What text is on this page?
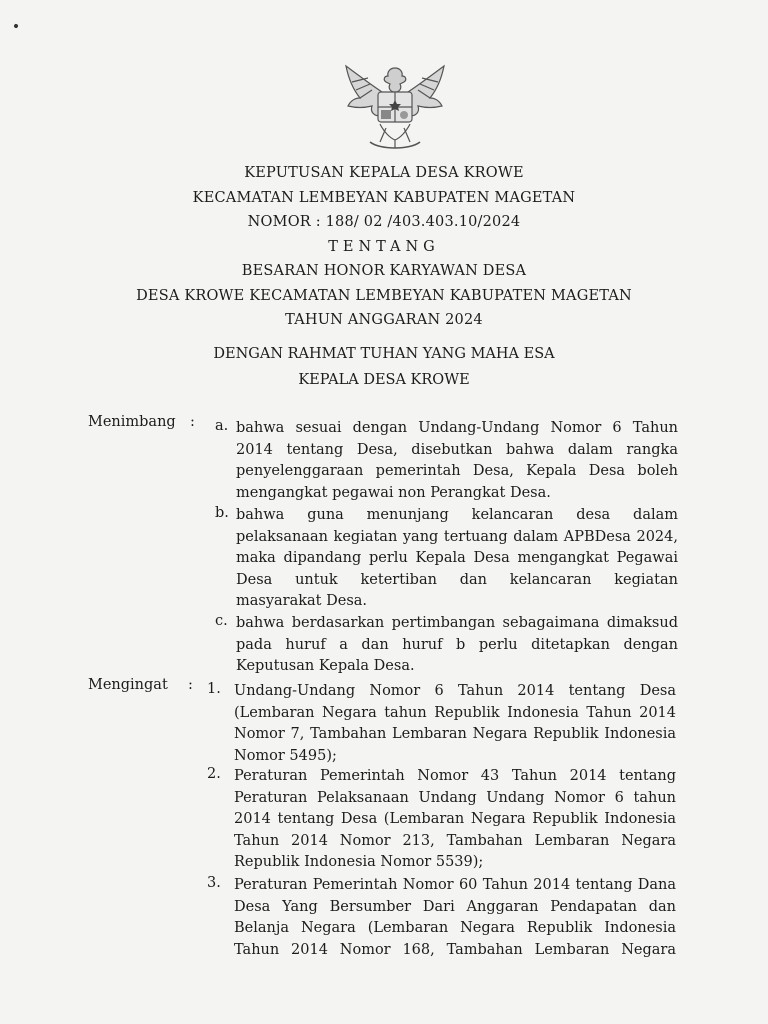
KEPUTUSAN KEPALA DESA KROWE
KECAMATAN LEMBEYAN KABUPATEN MAGETAN
NOMOR : 188/ 02 /403.403.10/2024
TENTANG
BESARAN HONOR KARYAWAN DESA
DESA KROWE KECAMATAN LEMBEYAN KABUPATEN MAGETAN
TAHUN ANGGARAN 2024
DENGAN RAHMAT TUHAN YANG MAHA ESA
KEPALA DESA KROWE
Menimbang : a. bahwa sesuai dengan Undang-Undang Nomor 6 Tahun
2014 tentang Desa, disebutkan bahwa dalam rangka
penyelenggaraan pemerintah Desa, Kepala Desa boleh
mengangkat pegawai non Perangkat Desa.
b. bahwa guna menunjang kelancaran desa dalam
pelaksanaan kegiatan yang tertuang dalam APBDesa 2024,
maka dipandang perlu Kepala Desa mengangkat Pegawai
Desa untuk ketertiban dan kelancaran kegiatan
masyarakat Desa.
c. bahwa berdasarkan pertimbangan sebagaimana dimaksud
pada huruf a dan huruf b perlu ditetapkan dengan
Keputusan Kepala Desa.
Mengingat : 1. Undang-Undang Nomor 6 Tahun 2014 tentang Desa
(Lembaran Negara tahun Republik Indonesia Tahun 2014
Nomor 7, Tambahan Lembaran Negara Republik Indonesia
Nomor 5495);
2. Peraturan Pemerintah Nomor 43 Tahun 2014 tentang
Peraturan Pelaksanaan Undang Undang Nomor 6 tahun
2014 tentang Desa (Lembaran Negara Republik Indonesia
Tahun 2014 Nomor 213, Tambahan Lembaran Negara
Republik Indonesia Nomor 5539);
3. Peraturan Pemerintah Nomor 60 Tahun 2014 tentang Dana
Desa Yang Bersumber Dari Anggaran Pendapatan dan
Belanja Negara (Lembaran Negara Republik Indonesia
Tahun 2014 Nomor 168, Tambahan Lembaran Negara
